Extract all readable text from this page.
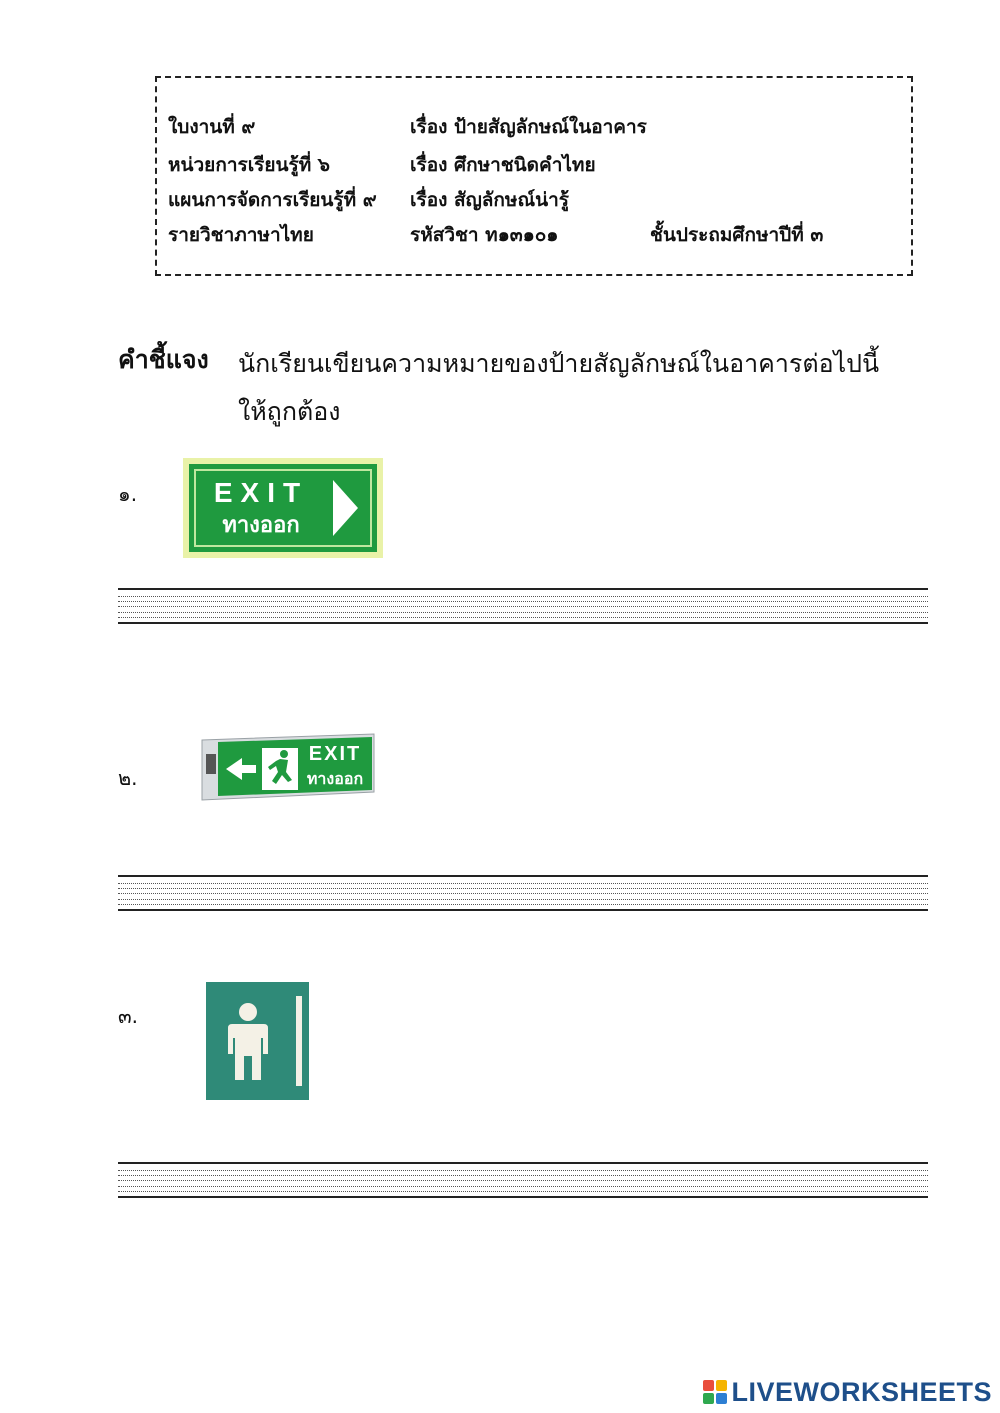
ใบงานที่ ๙	เรื่อง ป้ายสัญลักษณ์ในอาคาร
หน่วยการเรียนรู้ที่ ๖	เรื่อง ศึกษาชนิดคำไทย
แผนการจัดการเรียนรู้ที่ ๙ เรื่อง สัญลักษณ์น่ารู้
รายวิชาภาษาไทย	รหัสวิชา ท๑๓๑๐๑	ชั้นประถมศึกษาปีที่ ๓
คำชี้แจง นักเรียนเขียนความหมายของป้ายสัญลักษณ์ในอาคารต่อไปนี้
ให้ถูกต้อง
๑.	EXIT
ทางออก
๒.
EXIT
ทางออก
๓.
LIVEWORKSHEETS
